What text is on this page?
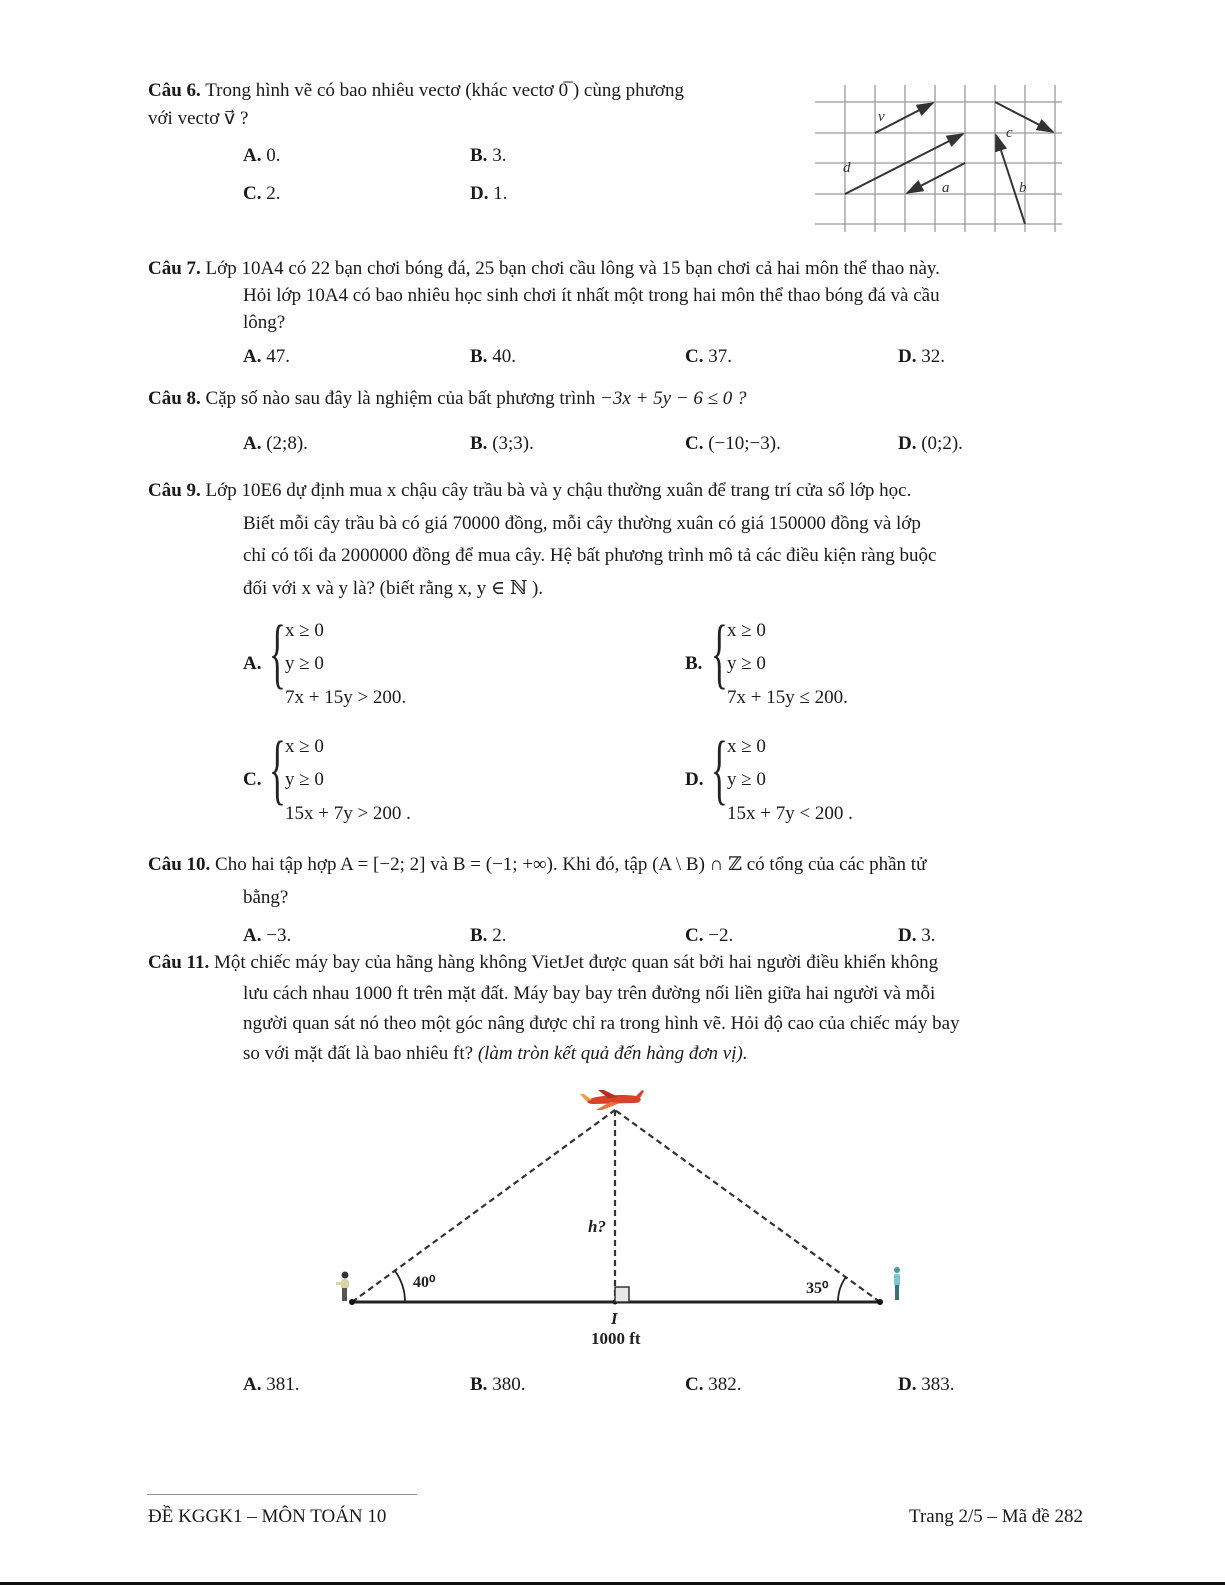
Câu 6. Trong hình vẽ có bao nhiêu vectơ (khác vectơ 0̅ ) cùng phương
với vectơ v⃗ ?
A. 0.	B. 3.
C. 2.	D. 1.
v⃗
c⃗
d⃗
a⃗	b⃗
Câu 7. Lớp 10A4 có 22 bạn chơi bóng đá, 25 bạn chơi cầu lông và 15 bạn chơi cả hai môn thể thao này.
Hỏi lớp 10A4 có bao nhiêu học sinh chơi ít nhất một trong hai môn thể thao bóng đá và cầu
lông?
A. 47.	B. 40.	C. 37.	D. 32.
Câu 8. Cặp số nào sau đây là nghiệm của bất phương trình −3x + 5y − 6 ≤ 0 ?
A. (2;8).	B. (3;3).	C. (−10;−3).	D. (0;2).
Câu 9. Lớp 10E6 dự định mua x chậu cây trầu bà và y chậu thường xuân để trang trí cửa sổ lớp học.
Biết mỗi cây trầu bà có giá 70000 đồng, mỗi cây thường xuân có giá 150000 đồng và lớp
chỉ có tối đa 2000000 đồng để mua cây. Hệ bất phương trình mô tả các điều kiện ràng buộc
đối với x và y là? (biết rằng x, y ∈ ℕ ).
A. { x ≥ 0
y ≥ 0
7x + 15y > 200.
B. { x ≥ 0
y ≥ 0
7x + 15y ≤ 200.
C. { x ≥ 0
y ≥ 0
15x + 7y > 200 .
D. { x ≥ 0
y ≥ 0
15x + 7y < 200 .
Câu 10. Cho hai tập hợp A = [−2; 2] và B = (−1; +∞). Khi đó, tập (A \ B) ∩ ℤ có tổng của các phần tử
bằng?
A. −3.	B. 2.	C. −2.	D. 3.
Câu 11. Một chiếc máy bay của hãng hàng không VietJet được quan sát bởi hai người điều khiển không
lưu cách nhau 1000 ft trên mặt đất. Máy bay bay trên đường nối liền giữa hai người và mỗi
người quan sát nó theo một góc nâng được chỉ ra trong hình vẽ. Hỏi độ cao của chiếc máy bay
so với mặt đất là bao nhiêu ft? (làm tròn kết quả đến hàng đơn vị).
40⁰	35⁰
h?
I
1000 ft
A. 381.	B. 380.	C. 382.	D. 383.
ĐỀ KGGK1 – MÔN TOÁN 10	Trang 2/5 – Mã đề 282
